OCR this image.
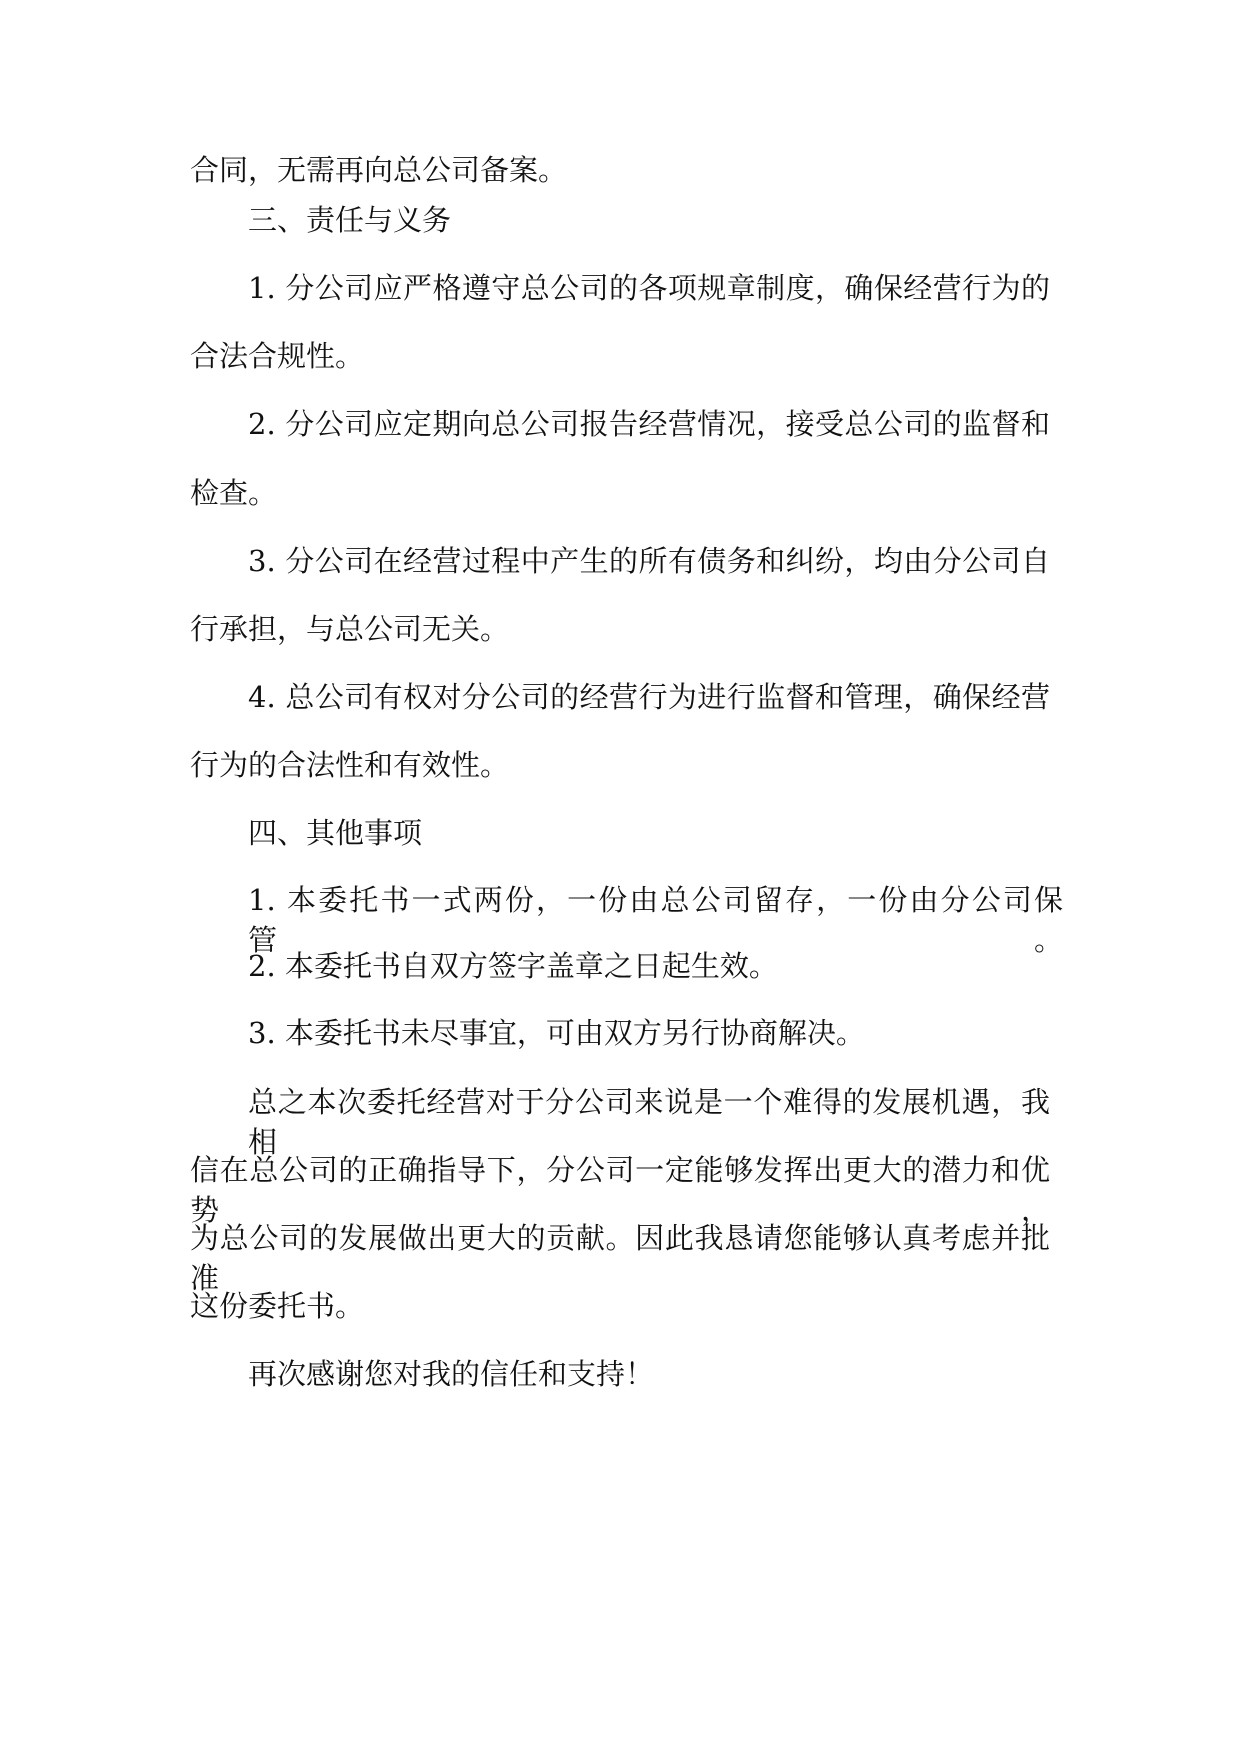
合同，无需再向总公司备案。
三、责任与义务
1. 分公司应严格遵守总公司的各项规章制度，确保经营行为的
合法合规性。
2. 分公司应定期向总公司报告经营情况，接受总公司的监督和
检查。
3. 分公司在经营过程中产生的所有债务和纠纷，均由分公司自
行承担，与总公司无关。
4. 总公司有权对分公司的经营行为进行监督和管理，确保经营
行为的合法性和有效性。
四、其他事项
1. 本委托书一式两份，一份由总公司留存，一份由分公司保管。
2. 本委托书自双方签字盖章之日起生效。
3. 本委托书未尽事宜，可由双方另行协商解决。
总之本次委托经营对于分公司来说是一个难得的发展机遇，我相
信在总公司的正确指导下，分公司一定能够发挥出更大的潜力和优势，
为总公司的发展做出更大的贡献。因此我恳请您能够认真考虑并批准
这份委托书。
再次感谢您对我的信任和支持！
